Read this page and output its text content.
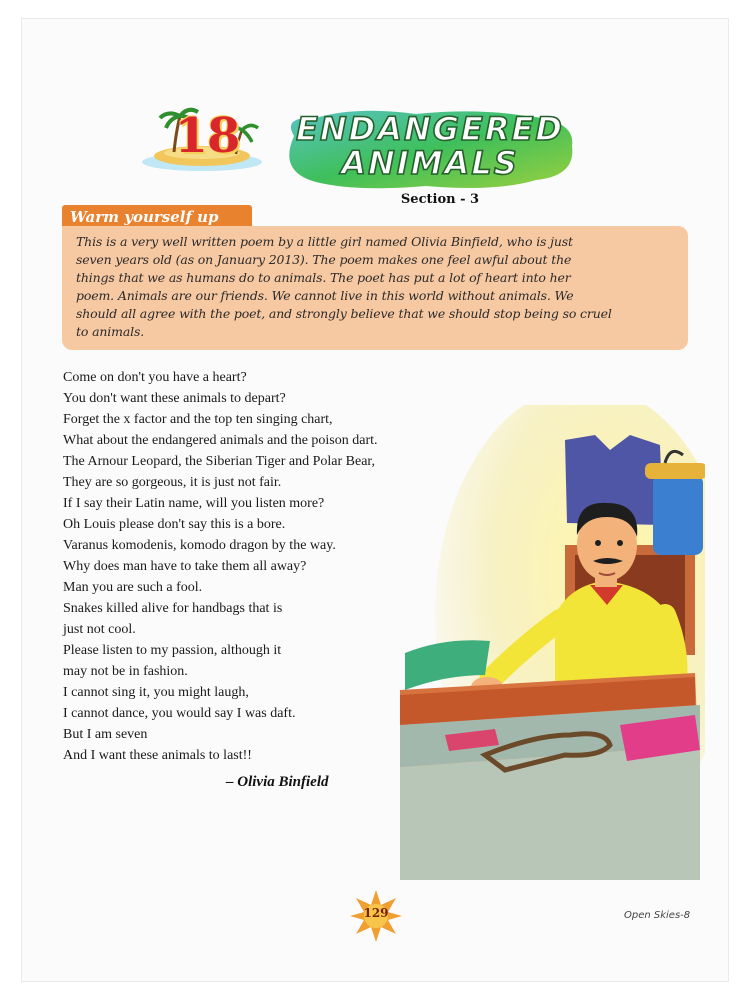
18 ENDANGERED
ANIMALS
Section - 3
Warm yourself up
This is a very well written poem by a little girl named Olivia Binfield, who is just
seven years old (as on January 2013). The poem makes one feel awful about the
things that we as humans do to animals. The poet has put a lot of heart into her
poem. Animals are our friends. We cannot live in this world without animals. We
should all agree with the poet, and strongly believe that we should stop being so cruel
to animals.
Come on don't you have a heart?
You don't want these animals to depart?
Forget the x factor and the top ten singing chart,
What about the endangered animals and the poison dart.
The Arnour Leopard, the Siberian Tiger and Polar Bear,
They are so gorgeous, it is just not fair.
If I say their Latin name, will you listen more?
Oh Louis please don't say this is a bore.
Varanus komodenis, komodo dragon by the way.
Why does man have to take them all away?
Man you are such a fool.
Snakes killed alive for handbags that is
just not cool.
Please listen to my passion, although it
may not be in fashion.
I cannot sing it, you might laugh,
I cannot dance, you would say I was daft.
But I am seven
And I want these animals to last!!
– Olivia Binfield
129	Open Skies-8
